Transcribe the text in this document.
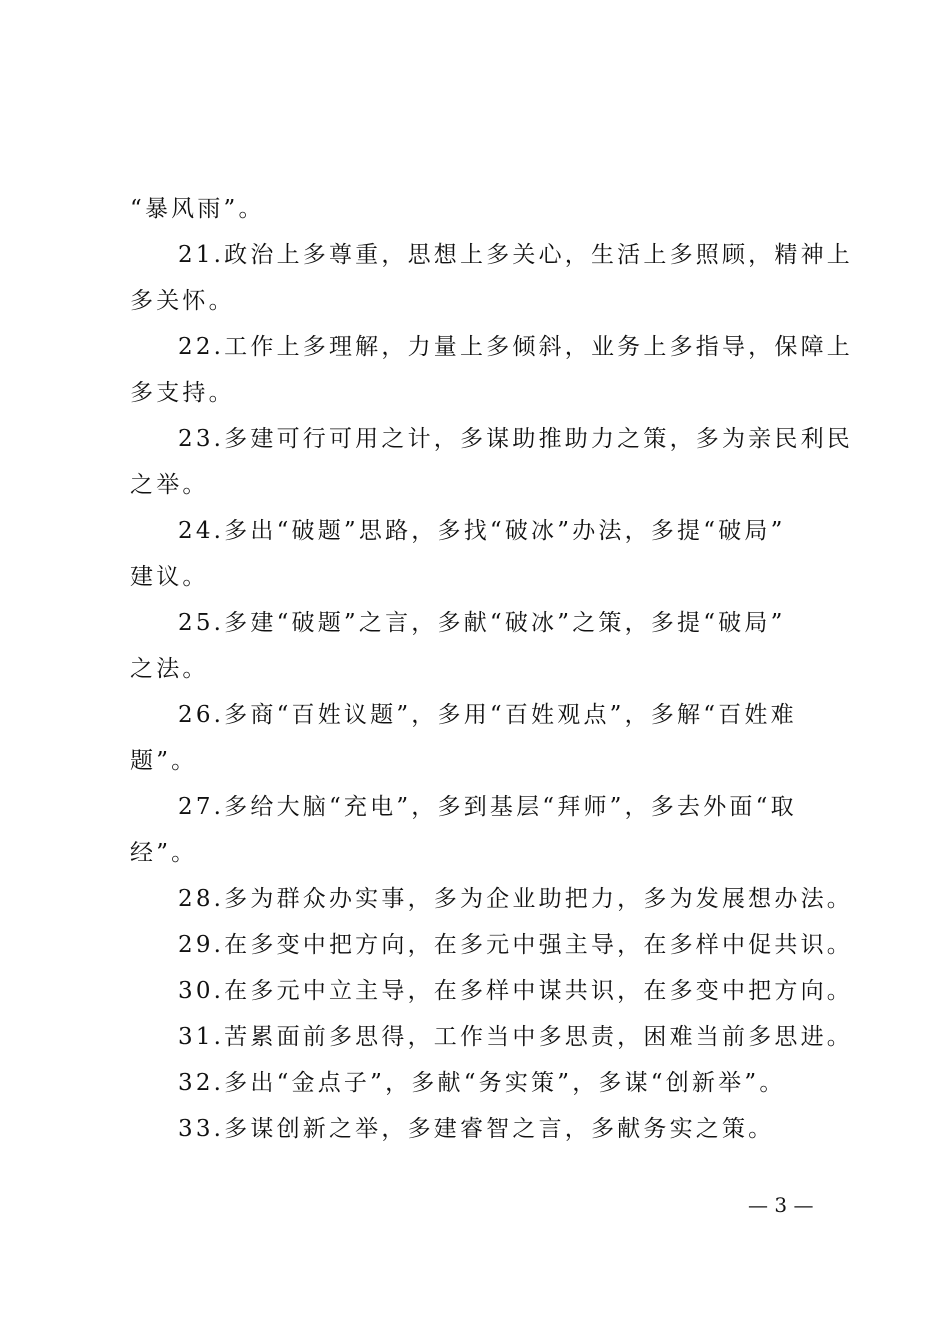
“暴风雨”。
21.政治上多尊重，思想上多关心，生活上多照顾，精神上
多关怀。
22.工作上多理解，力量上多倾斜，业务上多指导，保障上
多支持。
23.多建可行可用之计，多谋助推助力之策，多为亲民利民
之举。
24.多出“破题”思路，多找“破冰”办法，多提“破局”
建议。
25.多建“破题”之言，多献“破冰”之策，多提“破局”
之法。
26.多商“百姓议题”，多用“百姓观点”，多解“百姓难
题”。
27.多给大脑“充电”，多到基层“拜师”，多去外面“取
经”。
28.多为群众办实事，多为企业助把力，多为发展想办法。
29.在多变中把方向，在多元中强主导，在多样中促共识。
30.在多元中立主导，在多样中谋共识，在多变中把方向。
31.苦累面前多思得，工作当中多思责，困难当前多思进。
32.多出“金点子”，多献“务实策”，多谋“创新举”。
33.多谋创新之举，多建睿智之言，多献务实之策。
— 3 —
